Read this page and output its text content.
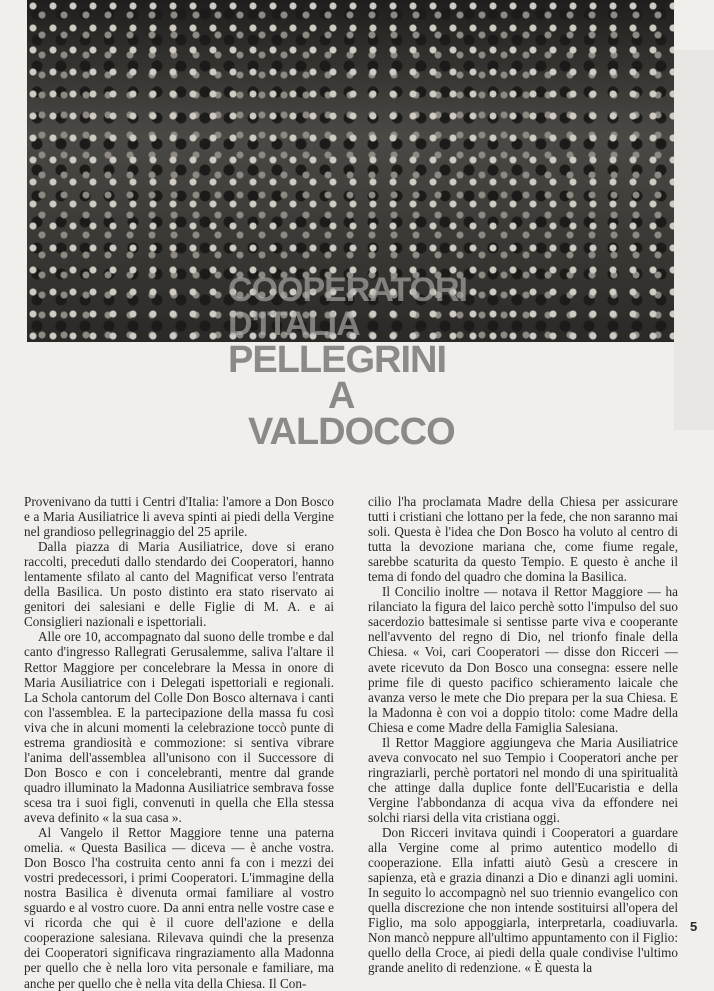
COOPERATORI
D'ITALIA
PELLEGRINI
A
VALDOCCO

Provenivano da tutti i Centri d'Italia: l'amore a Don Bosco e a Maria Ausiliatrice li aveva spinti ai piedi della Vergine nel grandioso pellegrinaggio del 25 aprile.

Dalla piazza di Maria Ausiliatrice, dove si erano raccolti, preceduti dallo stendardo dei Cooperatori, hanno lentamente sfilato al canto del Magnificat verso l'entrata della Basilica. Un posto distinto era stato riservato ai genitori dei salesiani e delle Figlie di M. A. e ai Consiglieri nazionali e ispettoriali.

Alle ore 10, accompagnato dal suono delle trombe e dal canto d'ingresso Rallegrati Gerusalemme, saliva l'altare il Rettor Maggiore per concelebrare la Messa in onore di Maria Ausiliatrice con i Delegati ispettoriali e regionali. La Schola cantorum del Colle Don Bosco alternava i canti con l'assemblea. E la partecipazione della massa fu così viva che in alcuni momenti la celebrazione toccò punte di estrema grandiosità e commozione: si sentiva vibrare l'anima dell'assemblea all'unisono con il Successore di Don Bosco e con i concelebranti, mentre dal grande quadro illuminato la Madonna Ausiliatrice sembrava fosse scesa tra i suoi figli, convenuti in quella che Ella stessa aveva definito « la sua casa ».

Al Vangelo il Rettor Maggiore tenne una paterna omelia. « Questa Basilica — diceva — è anche vostra. Don Bosco l'ha costruita cento anni fa con i mezzi dei vostri predecessori, i primi Cooperatori. L'immagine della nostra Basilica è divenuta ormai familiare al vostro sguardo e al vostro cuore. Da anni entra nelle vostre case e vi ricorda che qui è il cuore dell'azione e della cooperazione salesiana. Rilevava quindi che la presenza dei Cooperatori significava ringraziamento alla Madonna per quello che è nella loro vita personale e familiare, ma anche per quello che è nella vita della Chiesa. Il Con-

cilio l'ha proclamata Madre della Chiesa per assicurare tutti i cristiani che lottano per la fede, che non saranno mai soli. Questa è l'idea che Don Bosco ha voluto al centro di tutta la devozione mariana che, come fiume regale, sarebbe scaturita da questo Tempio. E questo è anche il tema di fondo del quadro che domina la Basilica.

Il Concilio inoltre — notava il Rettor Maggiore — ha rilanciato la figura del laico perchè sotto l'impulso del suo sacerdozio battesimale si sentisse parte viva e cooperante nell'avvento del regno di Dio, nel trionfo finale della Chiesa. « Voi, cari Cooperatori — disse don Ricceri — avete ricevuto da Don Bosco una consegna: essere nelle prime file di questo pacifico schieramento laicale che avanza verso le mete che Dio prepara per la sua Chiesa. E la Madonna è con voi a doppio titolo: come Madre della Chiesa e come Madre della Famiglia Salesiana.

Il Rettor Maggiore aggiungeva che Maria Ausiliatrice aveva convocato nel suo Tempio i Cooperatori anche per ringraziarli, perchè portatori nel mondo di una spiritualità che attinge dalla duplice fonte dell'Eucaristia e della Vergine l'abbondanza di acqua viva da effondere nei solchi riarsi della vita cristiana oggi.

Don Ricceri invitava quindi i Cooperatori a guardare alla Vergine come al primo autentico modello di cooperazione. Ella infatti aiutò Gesù a crescere in sapienza, età e grazia dinanzi a Dio e dinanzi agli uomini. In seguito lo accompagnò nel suo triennio evangelico con quella discrezione che non intende sostituirsi all'opera del Figlio, ma solo appoggiarla, interpretarla, coadiuvarla. Non mancò neppure all'ultimo appuntamento con il Figlio: quello della Croce, ai piedi della quale condivise l'ultimo grande anelito di redenzione. « È questa la

5
